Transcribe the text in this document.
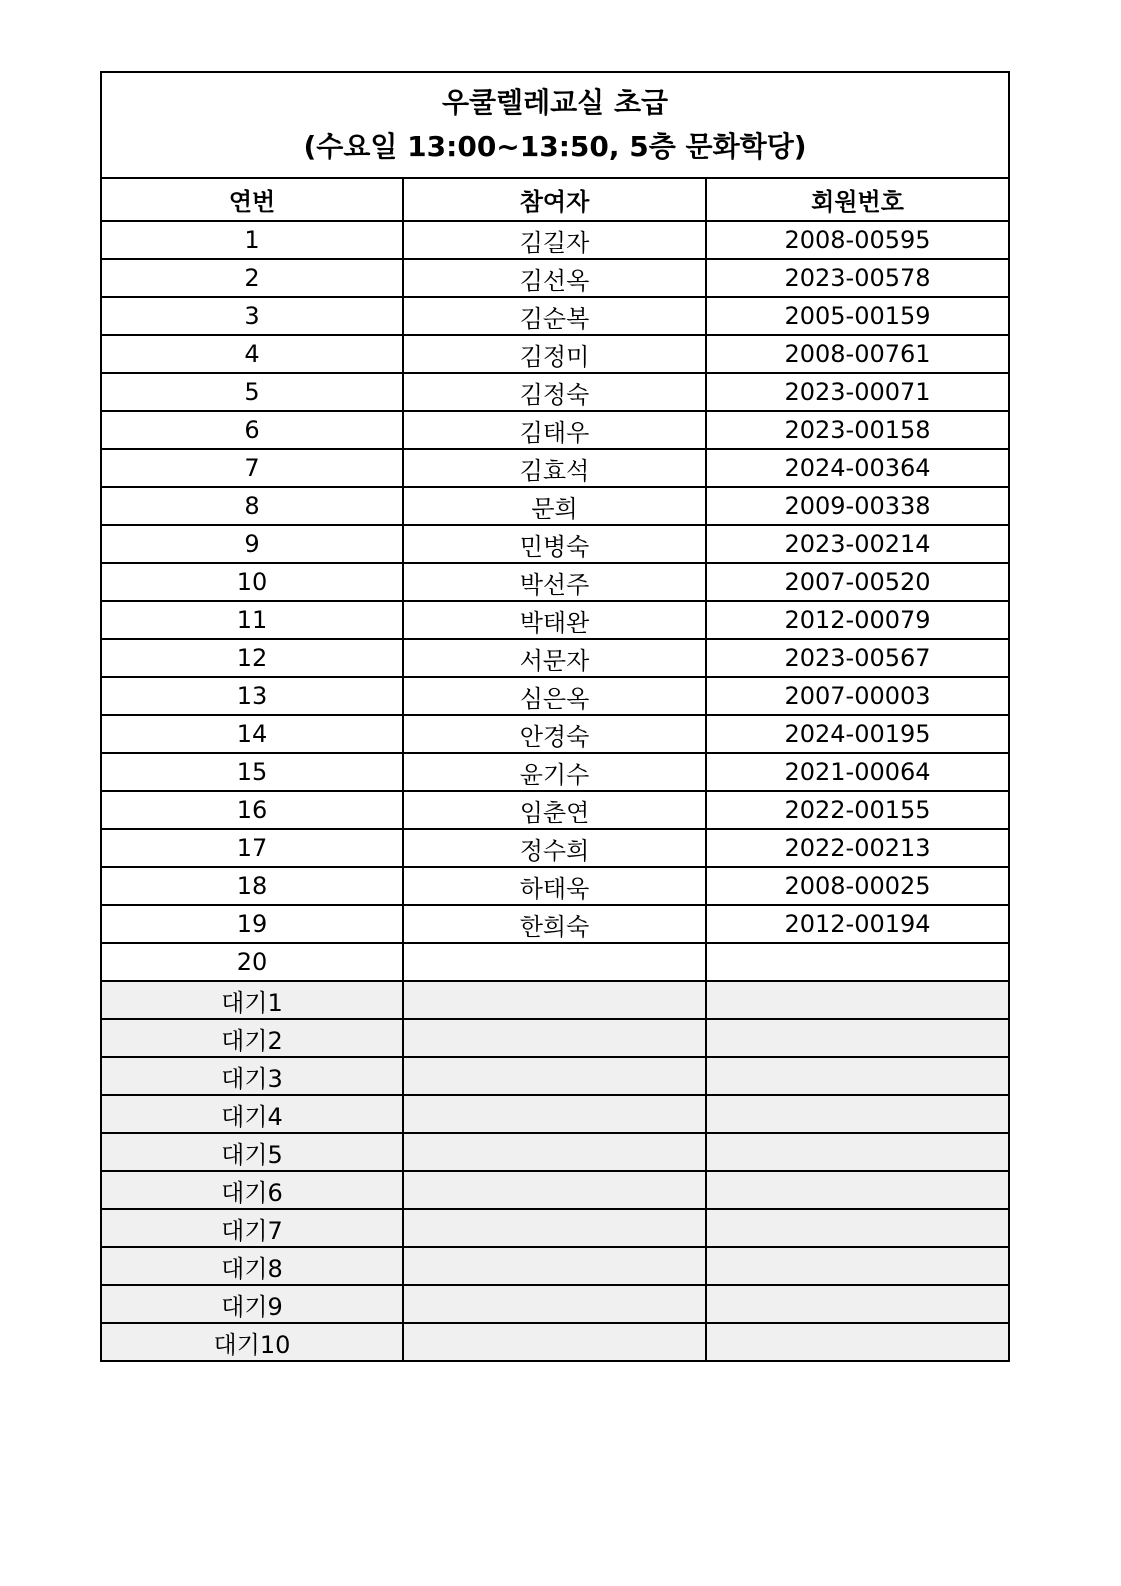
우쿨렐레교실 초급
(수요일 13:00~13:50, 5층 문화학당)		

연번	참여자	회원번호
1	김길자	2008-00595
2	김선옥	2023-00578
3	김순복	2005-00159
4	김정미	2008-00761
5	김정숙	2023-00071
6	김태우	2023-00158
7	김효석	2024-00364
8	문희	2009-00338
9	민병숙	2023-00214
10	박선주	2007-00520
11	박태완	2012-00079
12	서문자	2023-00567
13	심은옥	2007-00003
14	안경숙	2024-00195
15	윤기수	2021-00064
16	임춘연	2022-00155
17	정수희	2022-00213
18	하태욱	2008-00025
19	한희숙	2012-00194
20		
대기1		
대기2		
대기3		
대기4		
대기5		
대기6		
대기7		
대기8		
대기9		
대기10		
